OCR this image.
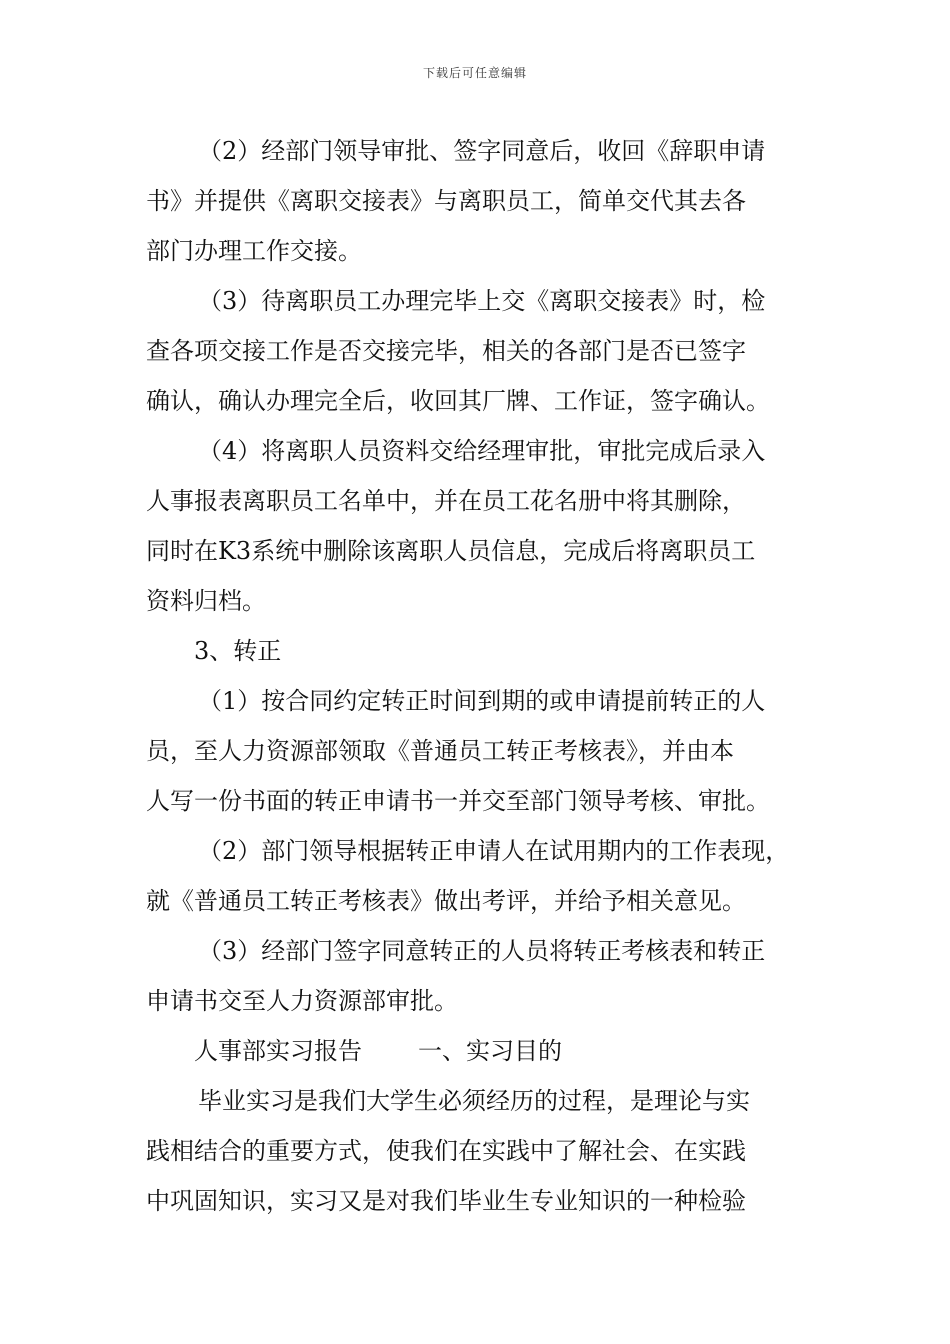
下载后可任意编辑
（2）经部门领导审批、签字同意后，收回《辞职申请
书》并提供《离职交接表》与离职员工，简单交代其去各
部门办理工作交接。
（3）待离职员工办理完毕上交《离职交接表》时，检
查各项交接工作是否交接完毕，相关的各部门是否已签字
确认，确认办理完全后，收回其厂牌、工作证，签字确认。
（4）将离职人员资料交给经理审批，审批完成后录入
人事报表离职员工名单中，并在员工花名册中将其删除，
同时在K3系统中删除该离职人员信息，完成后将离职员工
资料归档。
3、转正
（1）按合同约定转正时间到期的或申请提前转正的人
员，至人力资源部领取《普通员工转正考核表》，并由本
人写一份书面的转正申请书一并交至部门领导考核、审批。
（2）部门领导根据转正申请人在试用期内的工作表现，
就《普通员工转正考核表》做出考评，并给予相关意见。
（3）经部门签字同意转正的人员将转正考核表和转正
申请书交至人力资源部审批。
人事部实习报告 一、实习目的
毕业实习是我们大学生必须经历的过程，是理论与实
践相结合的重要方式，使我们在实践中了解社会、在实践
中巩固知识，实习又是对我们毕业生专业知识的一种检验
